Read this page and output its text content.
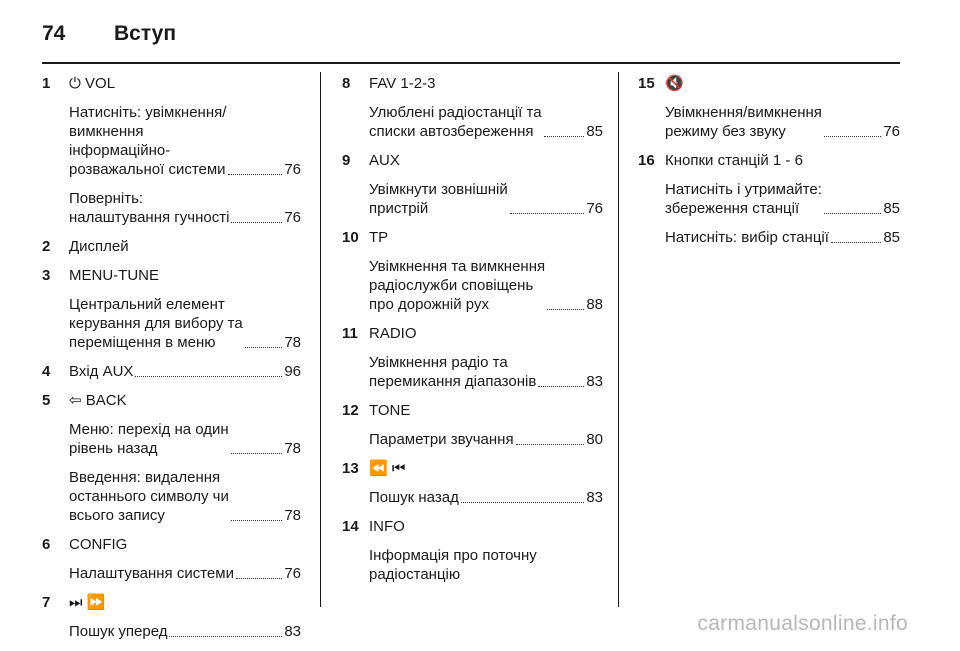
74	Вступ
1	⏻ VOL
Натисніть: увімкнення/
вимкнення
інформаційно-
розважальної системи	76
Поверніть:
налаштування гучності	76
2	Дисплей
3	MENU-TUNE
Центральний елемент
керування для вибору та
переміщення в меню	78
4	Вхід AUX	96
5	⇦ BACK
Меню: перехід на один
рівень назад	78
Введення: видалення
останнього символу чи
всього запису	78
6	CONFIG
Налаштування системи	76
7	⏭ ⏩
Пошук уперед	83
8	FAV 1-2-3
Улюблені радіостанції та
списки автозбереження	85
9	AUX
Увімкнути зовнішній
пристрій	76
10 TP
Увімкнення та вимкнення
радіослужби сповіщень
про дорожній рух	88
11 RADIO
Увімкнення радіо та
перемикання діапазонів	83
12 TONE
Параметри звучання	80
13 ⏪ ⏮
Пошук назад	83
14 INFO
Інформація про поточну
радіостанцію
15 🔇
Увімкнення/вимкнення
режиму без звуку	76
16 Кнопки станцій 1 - 6
Натисніть і утримайте:
збереження станції	85
Натисніть: вибір станції	85
carmanualsonline.info
